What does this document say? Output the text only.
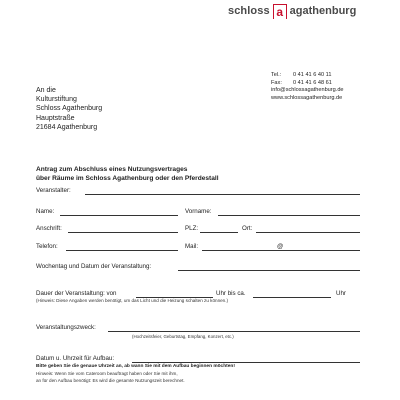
schloss a agathenburg
Tel.:	0 41 41 6 40 11
Fax:	0 41 41 6 48 61
info@schlossagathenburg.de
www.schlossagathenburg.de
An die
Kulturstiftung
Schloss Agathenburg
Hauptstraße
21684 Agathenburg
Antrag zum Abschluss eines Nutzungsvertrages
über Räume im Schloss Agathenburg oder den Pferdestall
Veranstalter:
Name:	Vorname:
Anschrift:	PLZ:	Ort:
Telefon:	Mail:	@
Wochentag und Datum der Veranstaltung:
Dauer der Veranstaltung: von	Uhr bis ca.	Uhr
(Hinweis: Diese Angaben werden benötigt, um das Licht und die Heizung schalten zu können.)
Veranstaltungszweck:
(Hochzeitsfeier, Geburtstag, Empfang, Konzert, etc.)
Datum u. Uhrzeit für Aufbau:
Bitte geben Sie die genaue Uhrzeit an, ab wann Sie mit dem Aufbau beginnen möchten!
Hinweis: Wenn Sie vom Cateroom beauftragt haben oder Sie mit ihm,
an für den Aufbau benötigt: Es wird die gesamte Nutzungszeit berechnet.
